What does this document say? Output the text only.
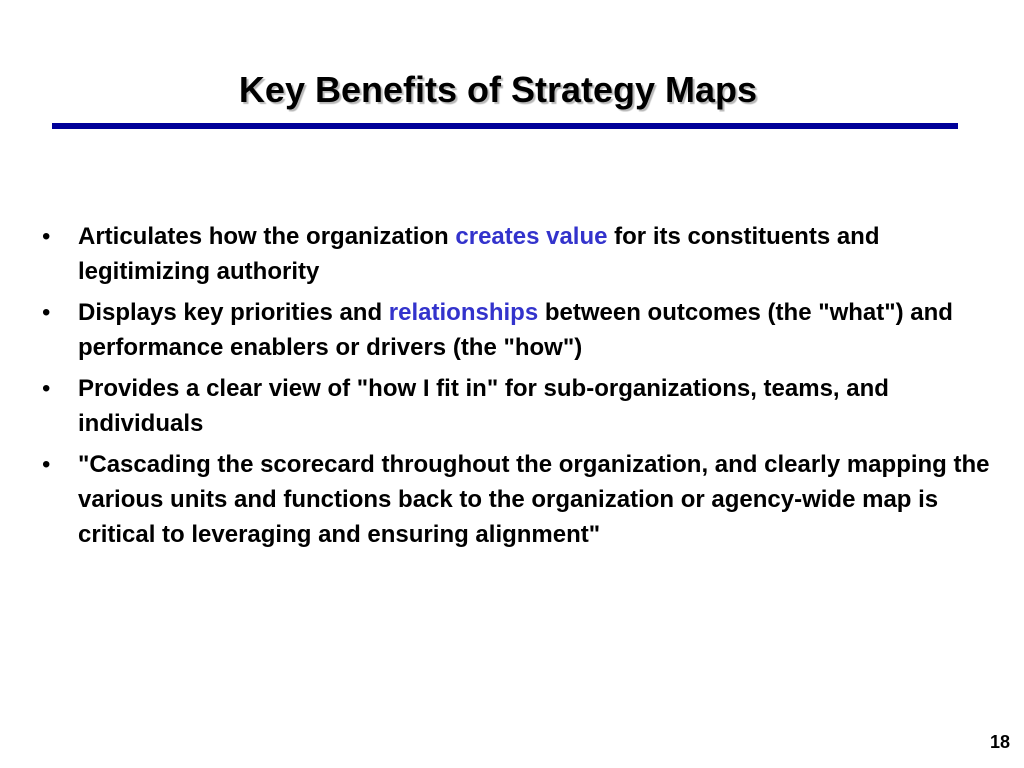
Key Benefits of Strategy Maps
• Articulates how the organization creates value for its constituents and legitimizing authority
• Displays key priorities and relationships between outcomes (the "what") and performance enablers or drivers (the "how")
• Provides a clear view of "how I fit in" for sub-organizations, teams, and individuals
• "Cascading the scorecard throughout the organization, and clearly mapping the various units and functions back to the organization or agency-wide map is critical to leveraging and ensuring alignment"
18
